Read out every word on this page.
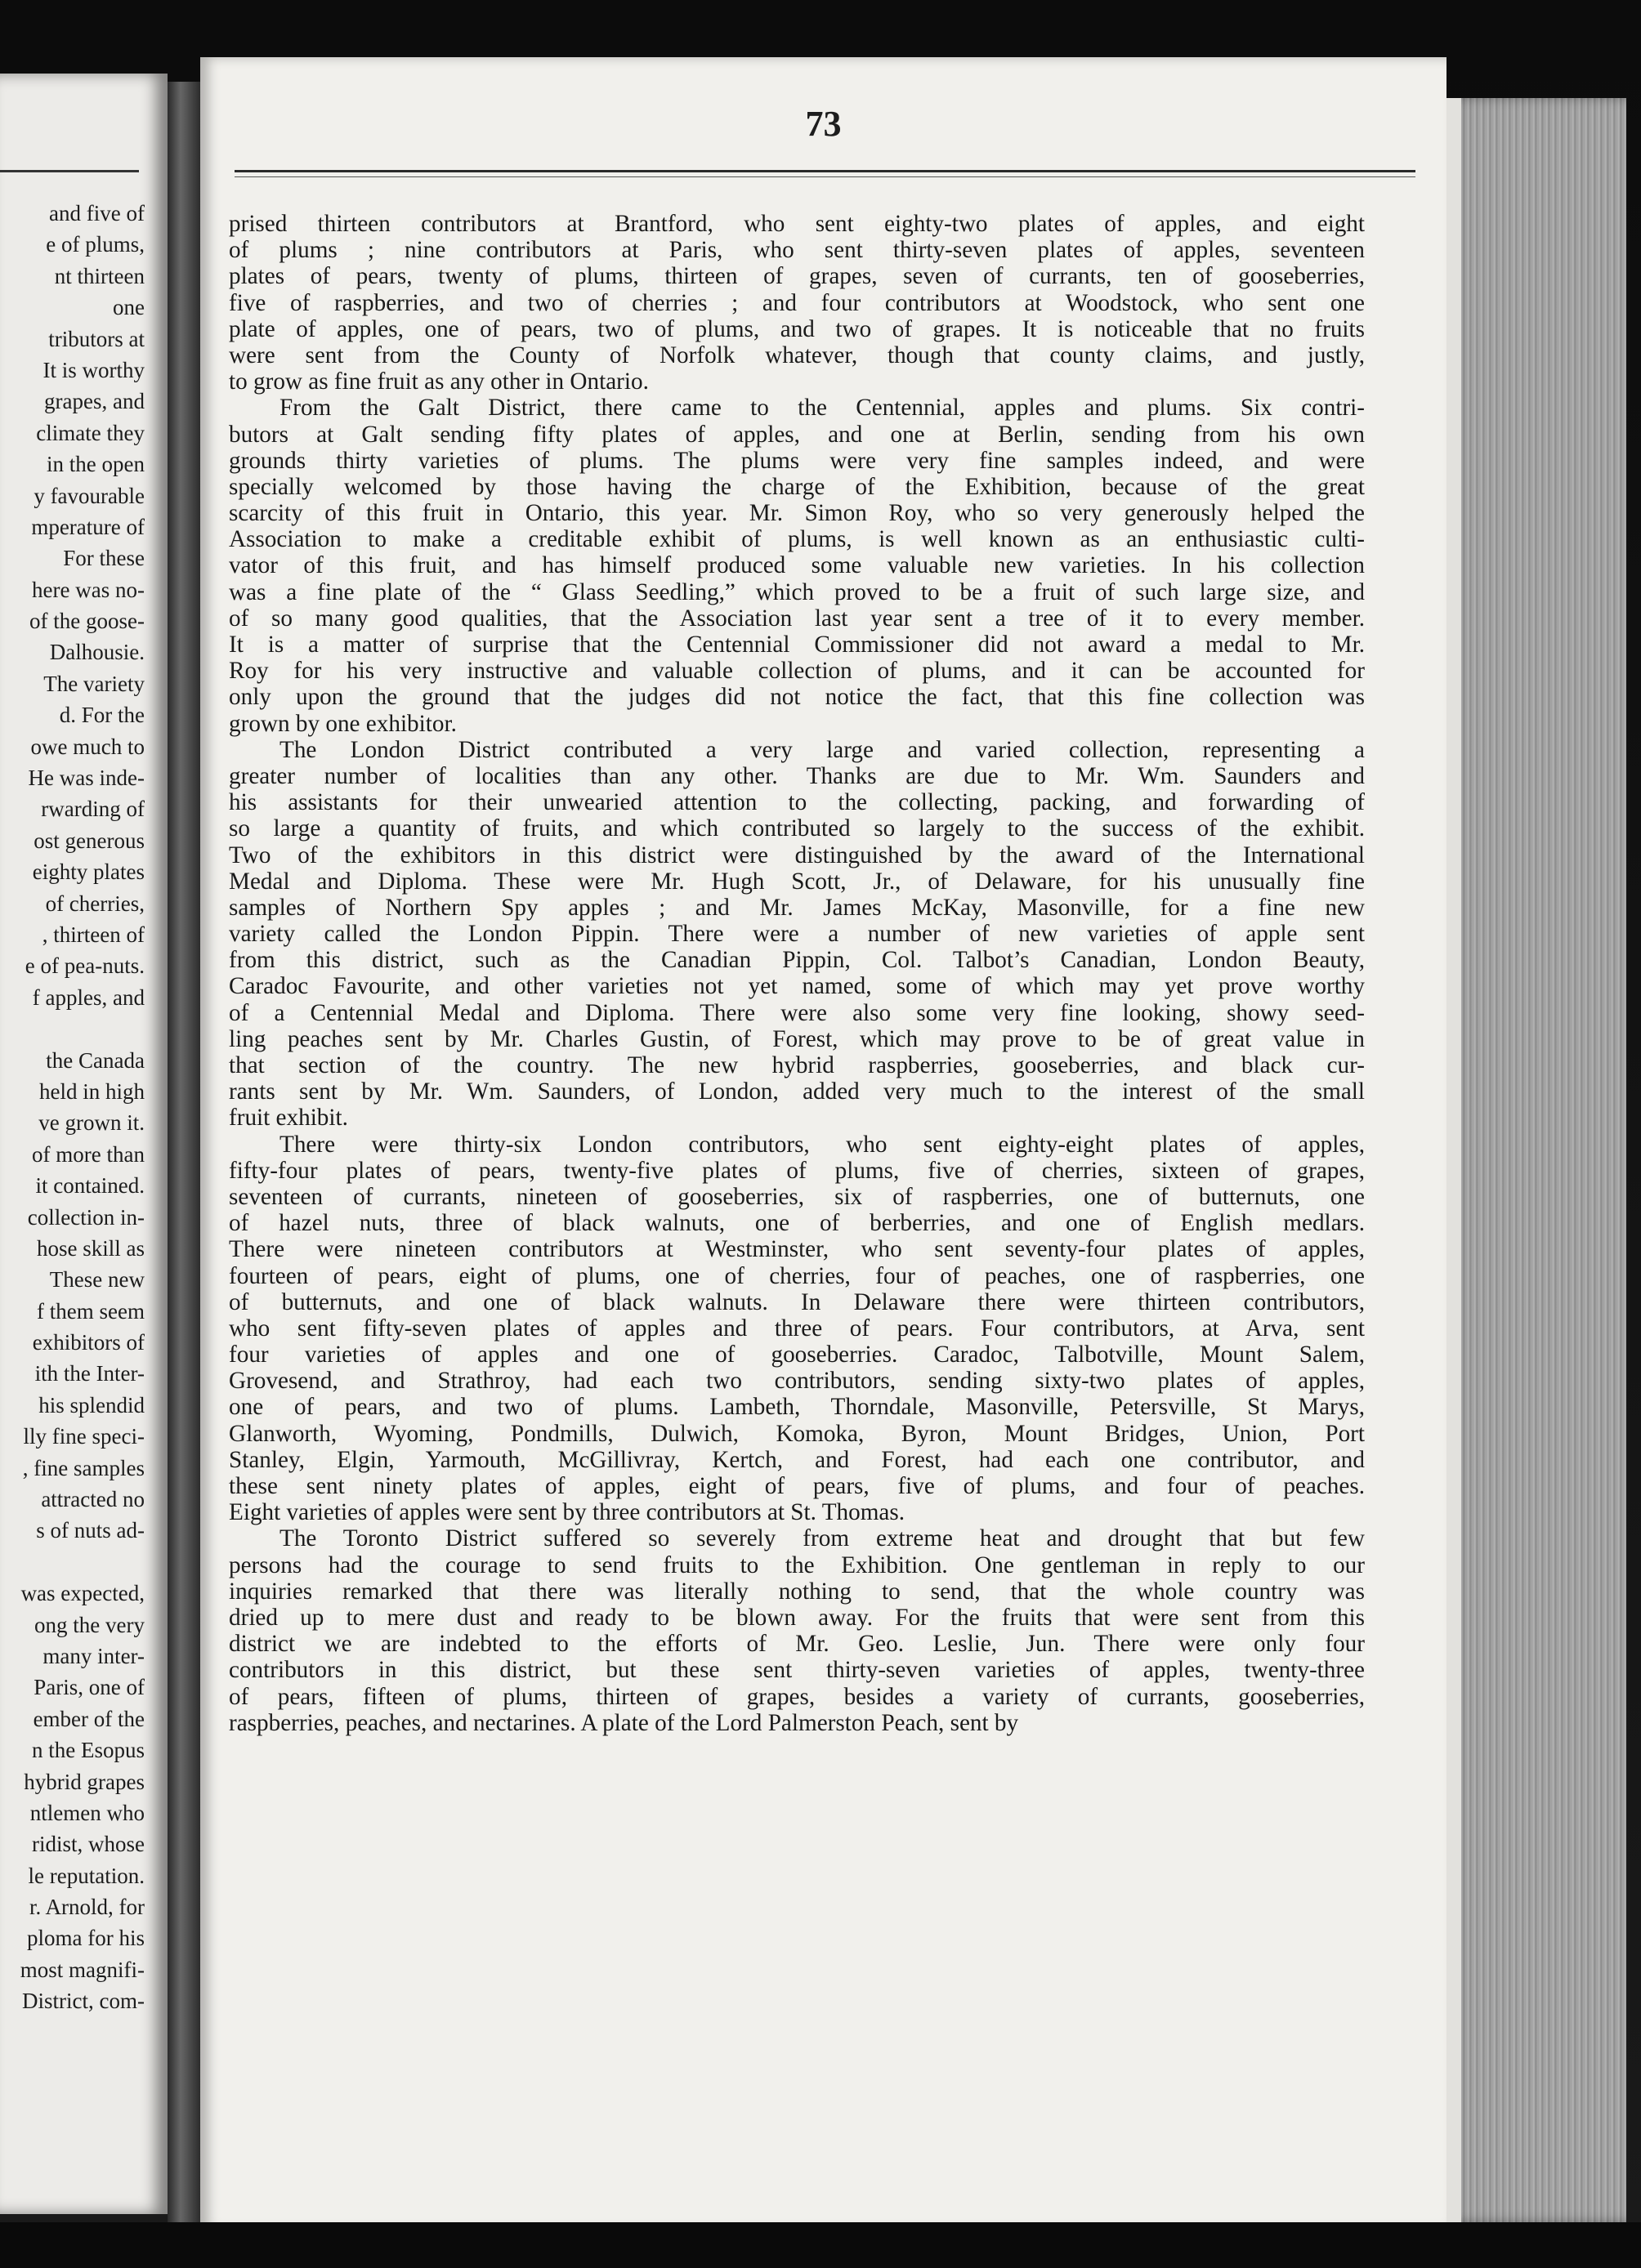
and five of
e of plums,
nt thirteen
one
tributors at
It is worthy
grapes, and
climate they
in the open
y favourable
mperature of
For these
here was no-
of the goose-
Dalhousie.
The variety
d. For the
owe much to
He was inde-
rwarding of
ost generous
eighty plates
of cherries,
, thirteen of
e of pea-nuts.
f apples, and
the Canada
held in high
ve grown it.
of more than
it contained.
collection in-
hose skill as
These new
f them seem
exhibitors of
ith the Inter-
his splendid
lly fine speci-
, fine samples
attracted no
s of nuts ad-
was expected,
ong the very
many inter-
Paris, one of
ember of the
n the Esopus
hybrid grapes
ntlemen who
ridist, whose
le reputation.
r. Arnold, for
ploma for his
most magnifi-
District, com-
73
prised thirteen contributors at Brantford, who sent eighty-two plates of apples, and eight
of plums ; nine contributors at Paris, who sent thirty-seven plates of apples, seventeen
plates of pears, twenty of plums, thirteen of grapes, seven of currants, ten of gooseberries,
five of raspberries, and two of cherries ; and four contributors at Woodstock, who sent one
plate of apples, one of pears, two of plums, and two of grapes. It is noticeable that no fruits
were sent from the County of Norfolk whatever, though that county claims, and justly,
to grow as fine fruit as any other in Ontario.
From the Galt District, there came to the Centennial, apples and plums. Six contri-
butors at Galt sending fifty plates of apples, and one at Berlin, sending from his own
grounds thirty varieties of plums. The plums were very fine samples indeed, and were
specially welcomed by those having the charge of the Exhibition, because of the great
scarcity of this fruit in Ontario, this year. Mr. Simon Roy, who so very generously helped the
Association to make a creditable exhibit of plums, is well known as an enthusiastic culti-
vator of this fruit, and has himself produced some valuable new varieties. In his collection
was a fine plate of the “ Glass Seedling,” which proved to be a fruit of such large size, and
of so many good qualities, that the Association last year sent a tree of it to every member.
It is a matter of surprise that the Centennial Commissioner did not award a medal to Mr.
Roy for his very instructive and valuable collection of plums, and it can be accounted for
only upon the ground that the judges did not notice the fact, that this fine collection was
grown by one exhibitor.
The London District contributed a very large and varied collection, representing a
greater number of localities than any other. Thanks are due to Mr. Wm. Saunders and
his assistants for their unwearied attention to the collecting, packing, and forwarding of
so large a quantity of fruits, and which contributed so largely to the success of the exhibit.
Two of the exhibitors in this district were distinguished by the award of the International
Medal and Diploma. These were Mr. Hugh Scott, Jr., of Delaware, for his unusually fine
samples of Northern Spy apples ; and Mr. James McKay, Masonville, for a fine new
variety called the London Pippin. There were a number of new varieties of apple sent
from this district, such as the Canadian Pippin, Col. Talbot’s Canadian, London Beauty,
Caradoc Favourite, and other varieties not yet named, some of which may yet prove worthy
of a Centennial Medal and Diploma. There were also some very fine looking, showy seed-
ling peaches sent by Mr. Charles Gustin, of Forest, which may prove to be of great value in
that section of the country. The new hybrid raspberries, gooseberries, and black cur-
rants sent by Mr. Wm. Saunders, of London, added very much to the interest of the small
fruit exhibit.
There were thirty-six London contributors, who sent eighty-eight plates of apples,
fifty-four plates of pears, twenty-five plates of plums, five of cherries, sixteen of grapes,
seventeen of currants, nineteen of gooseberries, six of raspberries, one of butternuts, one
of hazel nuts, three of black walnuts, one of berberries, and one of English medlars.
There were nineteen contributors at Westminster, who sent seventy-four plates of apples,
fourteen of pears, eight of plums, one of cherries, four of peaches, one of raspberries, one
of butternuts, and one of black walnuts. In Delaware there were thirteen contributors,
who sent fifty-seven plates of apples and three of pears. Four contributors, at Arva, sent
four varieties of apples and one of gooseberries. Caradoc, Talbotville, Mount Salem,
Grovesend, and Strathroy, had each two contributors, sending sixty-two plates of apples,
one of pears, and two of plums. Lambeth, Thorndale, Masonville, Petersville, St Marys,
Glanworth, Wyoming, Pondmills, Dulwich, Komoka, Byron, Mount Bridges, Union, Port
Stanley, Elgin, Yarmouth, McGillivray, Kertch, and Forest, had each one contributor, and
these sent ninety plates of apples, eight of pears, five of plums, and four of peaches.
Eight varieties of apples were sent by three contributors at St. Thomas.
The Toronto District suffered so severely from extreme heat and drought that but few
persons had the courage to send fruits to the Exhibition. One gentleman in reply to our
inquiries remarked that there was literally nothing to send, that the whole country was
dried up to mere dust and ready to be blown away. For the fruits that were sent from this
district we are indebted to the efforts of Mr. Geo. Leslie, Jun. There were only four
contributors in this district, but these sent thirty-seven varieties of apples, twenty-three
of pears, fifteen of plums, thirteen of grapes, besides a variety of currants, gooseberries,
raspberries, peaches, and nectarines. A plate of the Lord Palmerston Peach, sent by
